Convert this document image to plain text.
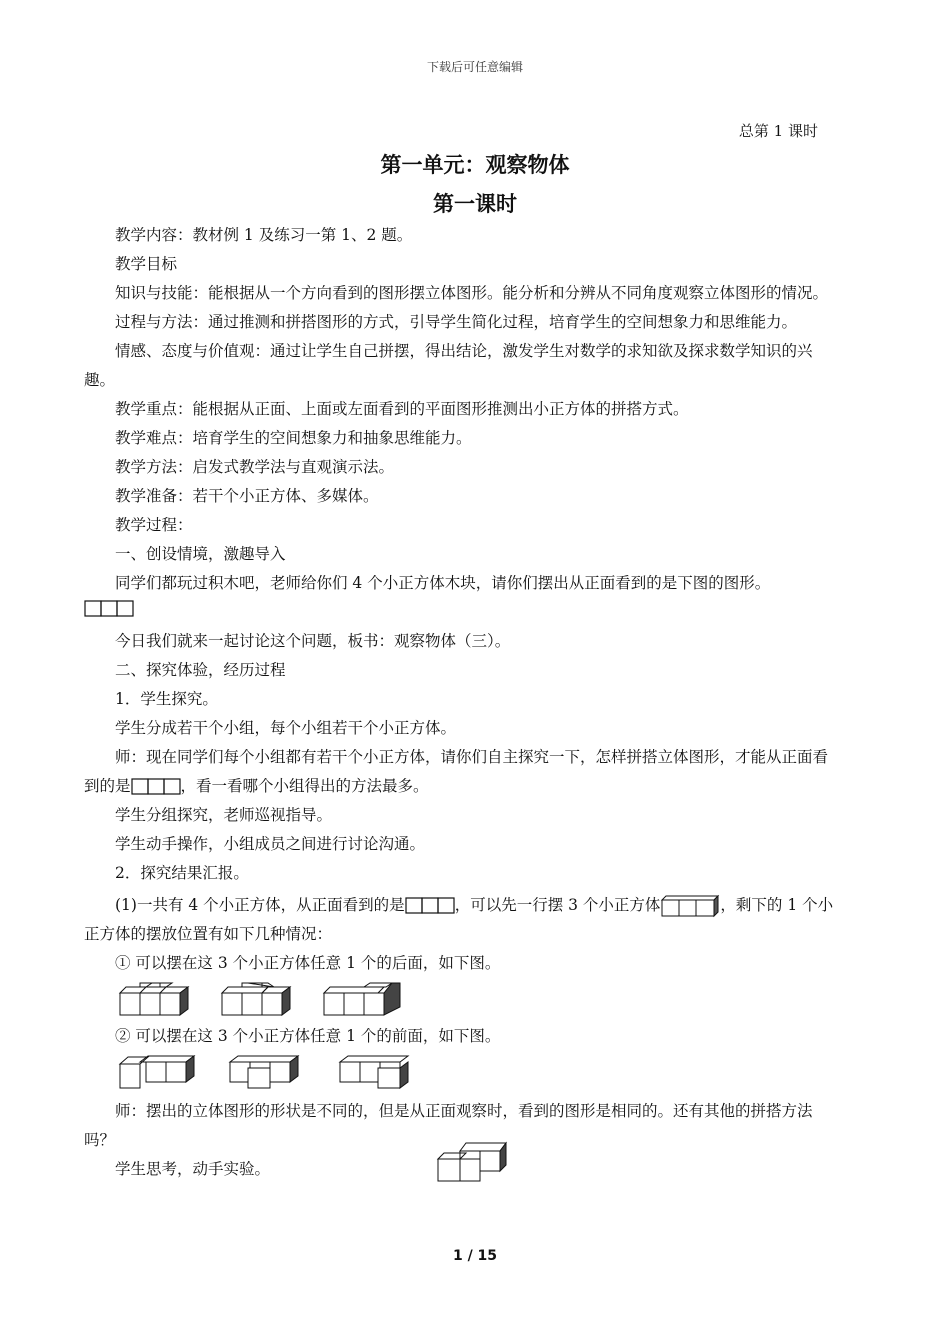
下载后可任意编辑
总第 1 课时
第一单元：观察物体
第一课时

教学内容：教材例 1 及练习一第 1、2 题。

教学目标

知识与技能：能根据从一个方向看到的图形摆立体图形。能分析和分辨从不同角度观察立体图形的情况。

过程与方法：通过推测和拼搭图形的方式，引导学生简化过程，培育学生的空间想象力和思维能力。

情感、态度与价值观：通过让学生自己拼摆，得出结论，激发学生对数学的求知欲及探求数学知识的兴趣。

教学重点：能根据从正面、上面或左面看到的平面图形推测出小正方体的拼搭方式。

教学难点：培育学生的空间想象力和抽象思维能力。

教学方法：启发式教学法与直观演示法。

教学准备：若干个小正方体、多媒体。

教学过程：

一、创设情境，激趣导入

同学们都玩过积木吧，老师给你们 4 个小正方体木块，请你们摆出从正面看到的是下图的图形。

今日我们就来一起讨论这个问题，板书：观察物体（三）。

二、探究体验，经历过程

1．学生探究。

学生分成若干个小组，每个小组若干个小正方体。

师：现在同学们每个小组都有若干个小正方体，请你们自主探究一下，怎样拼搭立体图形，才能从正面看到的是	，看一看哪个小组得出的方法最多。

学生分组探究，老师巡视指导。

学生动手操作，小组成员之间进行讨论沟通。

2．探究结果汇报。

(1)一共有 4 个小正方体，从正面看到的是	，可以先一行摆 3 个小正方体	，剩下的 1 个小正方体的摆放位置有如下几种情况：

① 可以摆在这 3 个小正方体任意 1 个的后面，如下图。

② 可以摆在这 3 个小正方体任意 1 个的前面，如下图。

师：摆出的立体图形的形状是不同的，但是从正面观察时，看到的图形是相同的。还有其他的拼搭方法吗？

学生思考，动手实验。

1 / 15
